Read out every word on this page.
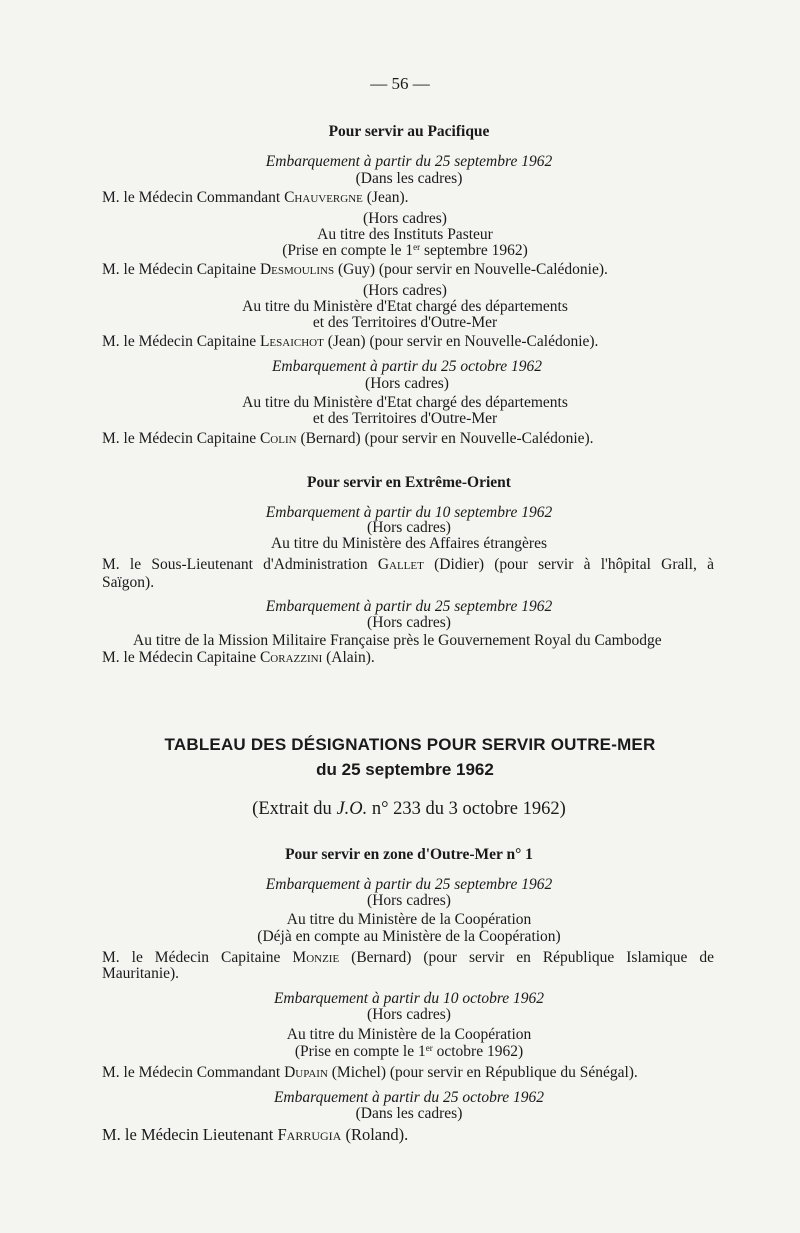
— 56 —
Pour servir au Pacifique
Embarquement à partir du 25 septembre 1962
(Dans les cadres)
M. le Médecin Commandant Chauvergne (Jean).
(Hors cadres)
Au titre des Instituts Pasteur
(Prise en compte le 1er septembre 1962)
M. le Médecin Capitaine Desmoulins (Guy) (pour servir en Nouvelle-Calédonie).
(Hors cadres)
Au titre du Ministère d'Etat chargé des départements
et des Territoires d'Outre-Mer
M. le Médecin Capitaine Lesaichot (Jean) (pour servir en Nouvelle-Calédonie).
Embarquement à partir du 25 octobre 1962
(Hors cadres)
Au titre du Ministère d'Etat chargé des départements
et des Territoires d'Outre-Mer
M. le Médecin Capitaine Colin (Bernard) (pour servir en Nouvelle-Calédonie).
Pour servir en Extrême-Orient
Embarquement à partir du 10 septembre 1962
(Hors cadres)
Au titre du Ministère des Affaires étrangères
M. le Sous-Lieutenant d'Administration Gallet (Didier) (pour servir à l'hôpital Grall, à
Saïgon).
Embarquement à partir du 25 septembre 1962
(Hors cadres)
Au titre de la Mission Militaire Française près le Gouvernement Royal du Cambodge
M. le Médecin Capitaine Corazzini (Alain).
TABLEAU DES DÉSIGNATIONS POUR SERVIR OUTRE-MER
du 25 septembre 1962
(Extrait du J.O. n° 233 du 3 octobre 1962)
Pour servir en zone d'Outre-Mer n° 1
Embarquement à partir du 25 septembre 1962
(Hors cadres)
Au titre du Ministère de la Coopération
(Déjà en compte au Ministère de la Coopération)
M. le Médecin Capitaine Monzie (Bernard) (pour servir en République Islamique de
Mauritanie).
Embarquement à partir du 10 octobre 1962
(Hors cadres)
Au titre du Ministère de la Coopération
(Prise en compte le 1er octobre 1962)
M. le Médecin Commandant Dupain (Michel) (pour servir en République du Sénégal).
Embarquement à partir du 25 octobre 1962
(Dans les cadres)
M. le Médecin Lieutenant Farrugia (Roland).
